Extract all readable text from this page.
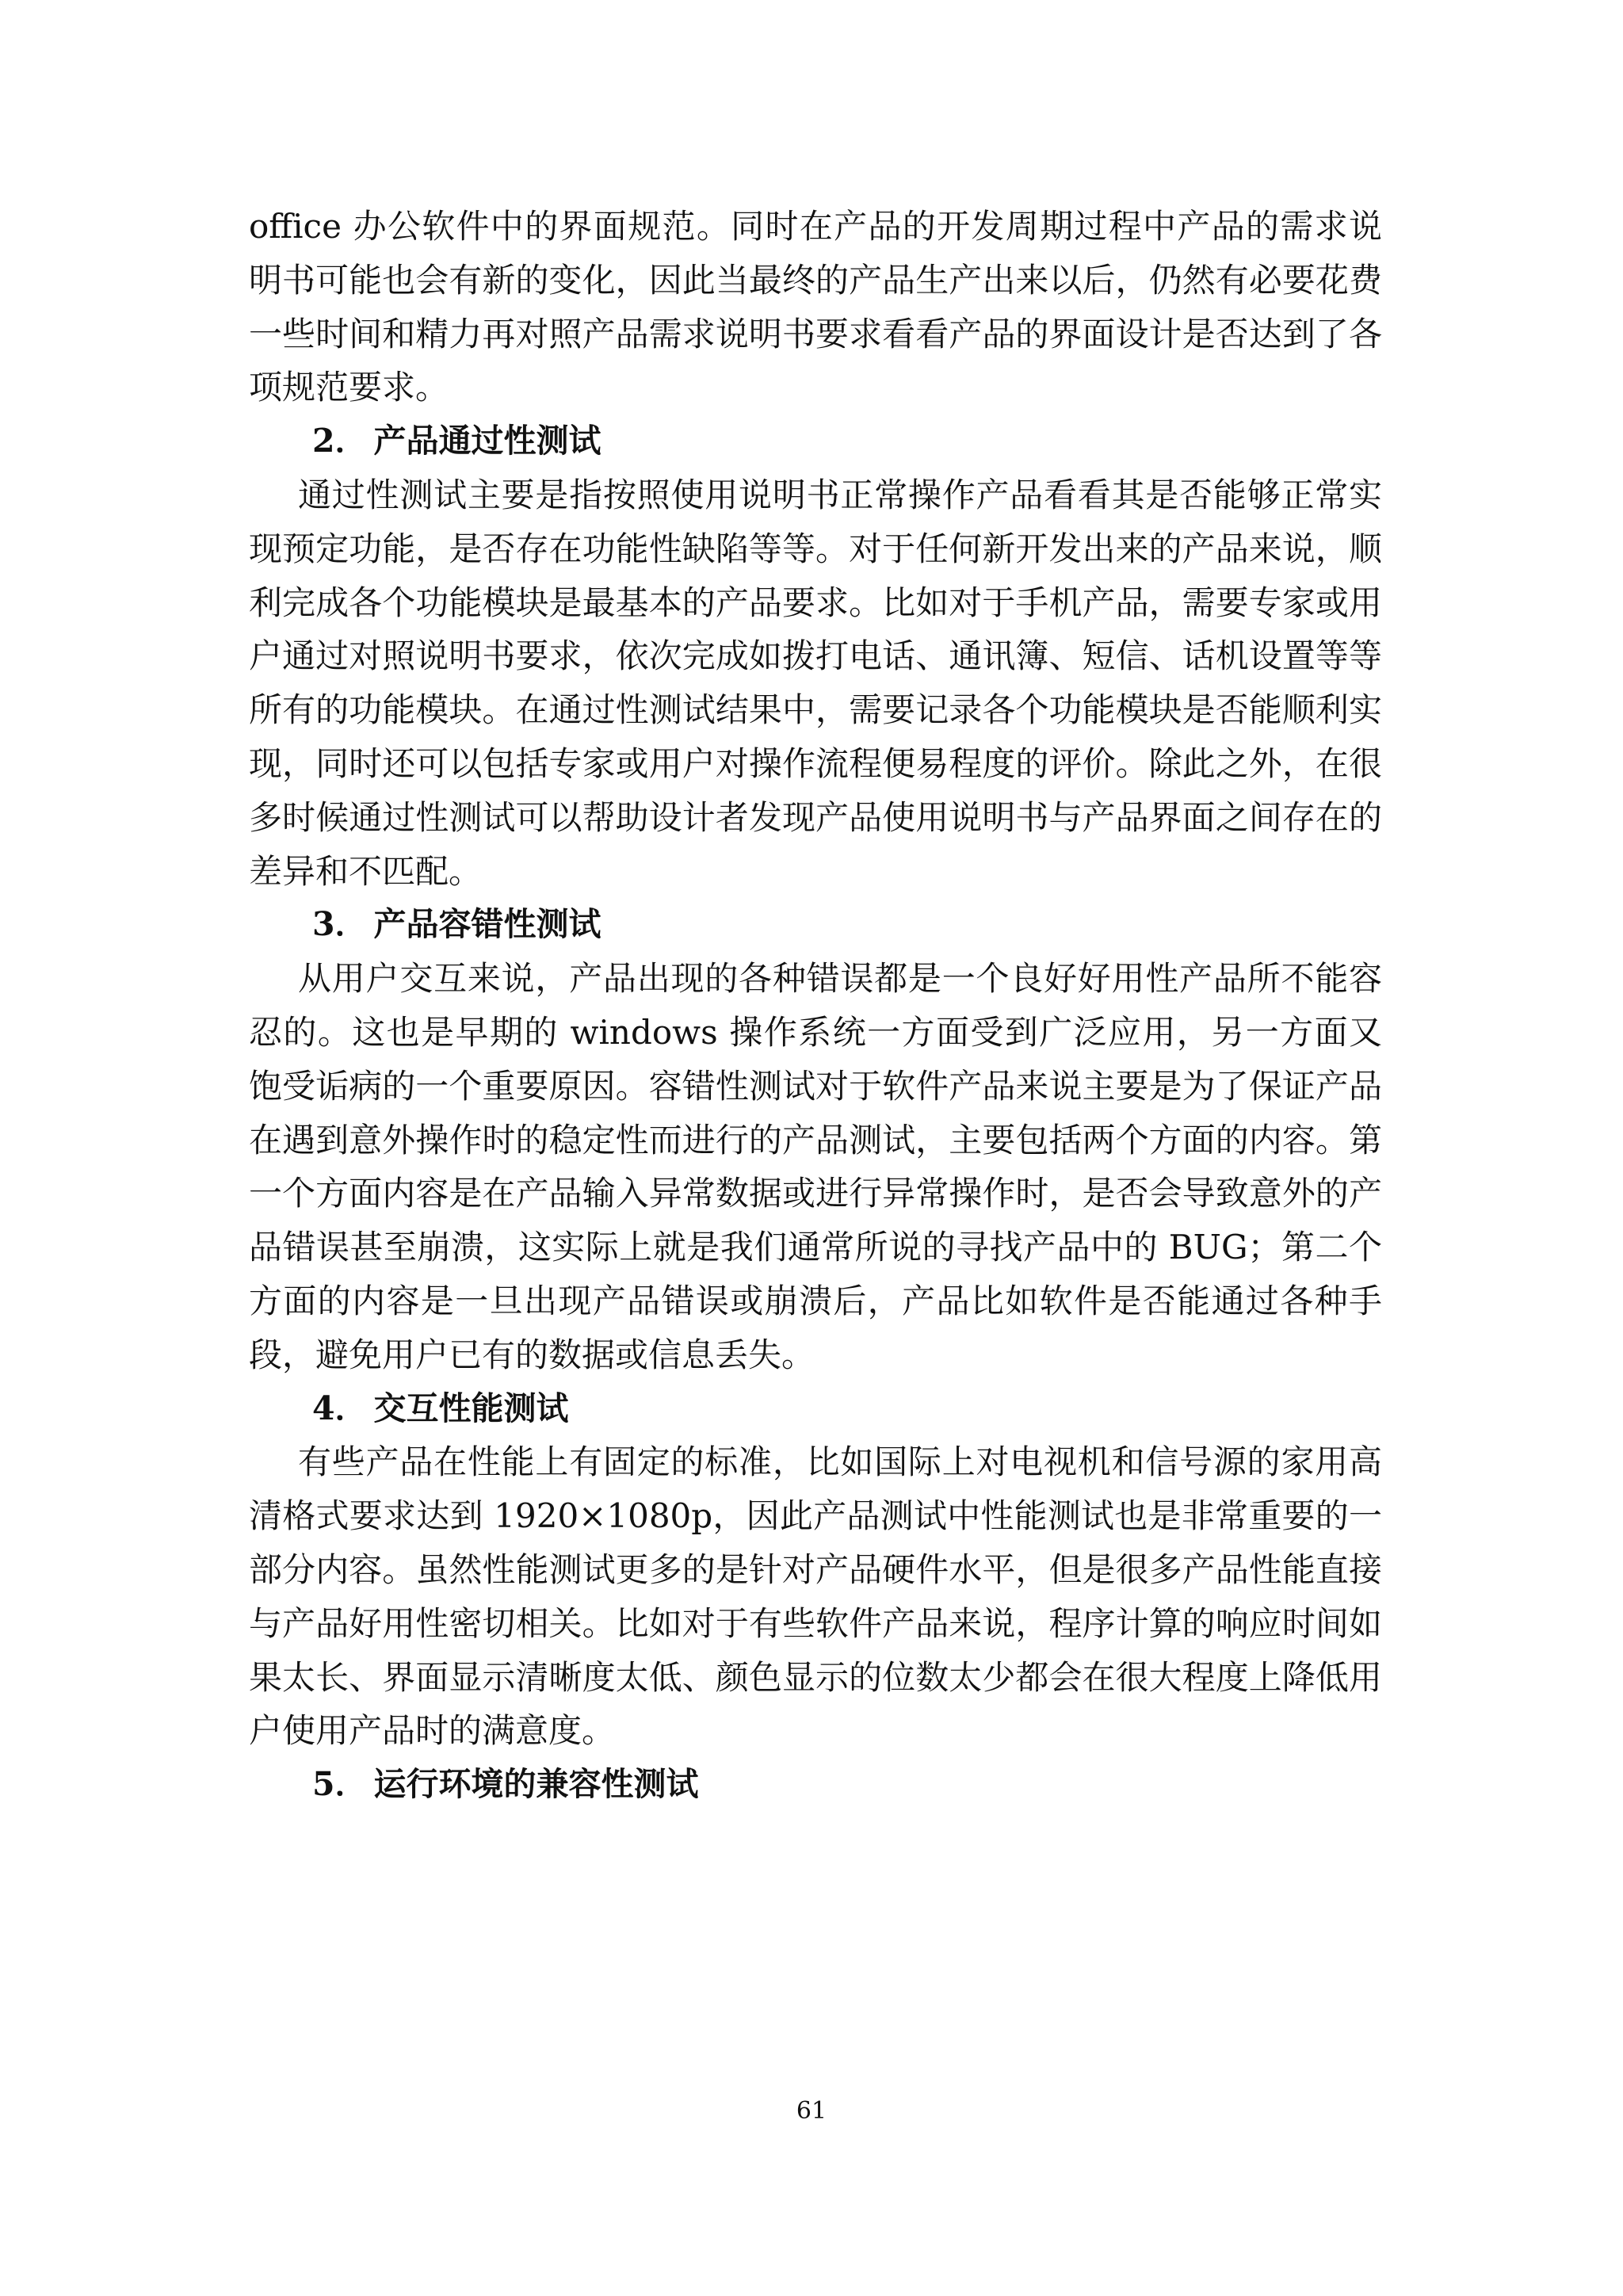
office 办公软件中的界面规范。同时在产品的开发周期过程中产品的需求说明书可能也会有新的变化，因此当最终的产品生产出来以后，仍然有必要花费一些时间和精力再对照产品需求说明书要求看看产品的界面设计是否达到了各项规范要求。

2． 产品通过性测试

通过性测试主要是指按照使用说明书正常操作产品看看其是否能够正常实现预定功能，是否存在功能性缺陷等等。对于任何新开发出来的产品来说，顺利完成各个功能模块是最基本的产品要求。比如对于手机产品，需要专家或用户通过对照说明书要求，依次完成如拨打电话、通讯簿、短信、话机设置等等所有的功能模块。在通过性测试结果中，需要记录各个功能模块是否能顺利实现，同时还可以包括专家或用户对操作流程便易程度的评价。除此之外，在很多时候通过性测试可以帮助设计者发现产品使用说明书与产品界面之间存在的差异和不匹配。

3． 产品容错性测试

从用户交互来说，产品出现的各种错误都是一个良好好用性产品所不能容忍的。这也是早期的 windows 操作系统一方面受到广泛应用，另一方面又饱受诟病的一个重要原因。容错性测试对于软件产品来说主要是为了保证产品在遇到意外操作时的稳定性而进行的产品测试，主要包括两个方面的内容。第一个方面内容是在产品输入异常数据或进行异常操作时，是否会导致意外的产品错误甚至崩溃，这实际上就是我们通常所说的寻找产品中的 BUG；第二个方面的内容是一旦出现产品错误或崩溃后，产品比如软件是否能通过各种手段，避免用户已有的数据或信息丢失。

4． 交互性能测试

有些产品在性能上有固定的标准，比如国际上对电视机和信号源的家用高清格式要求达到 1920×1080p，因此产品测试中性能测试也是非常重要的一部分内容。虽然性能测试更多的是针对产品硬件水平，但是很多产品性能直接与产品好用性密切相关。比如对于有些软件产品来说，程序计算的响应时间如果太长、界面显示清晰度太低、颜色显示的位数太少都会在很大程度上降低用户使用产品时的满意度。

5． 运行环境的兼容性测试
61
